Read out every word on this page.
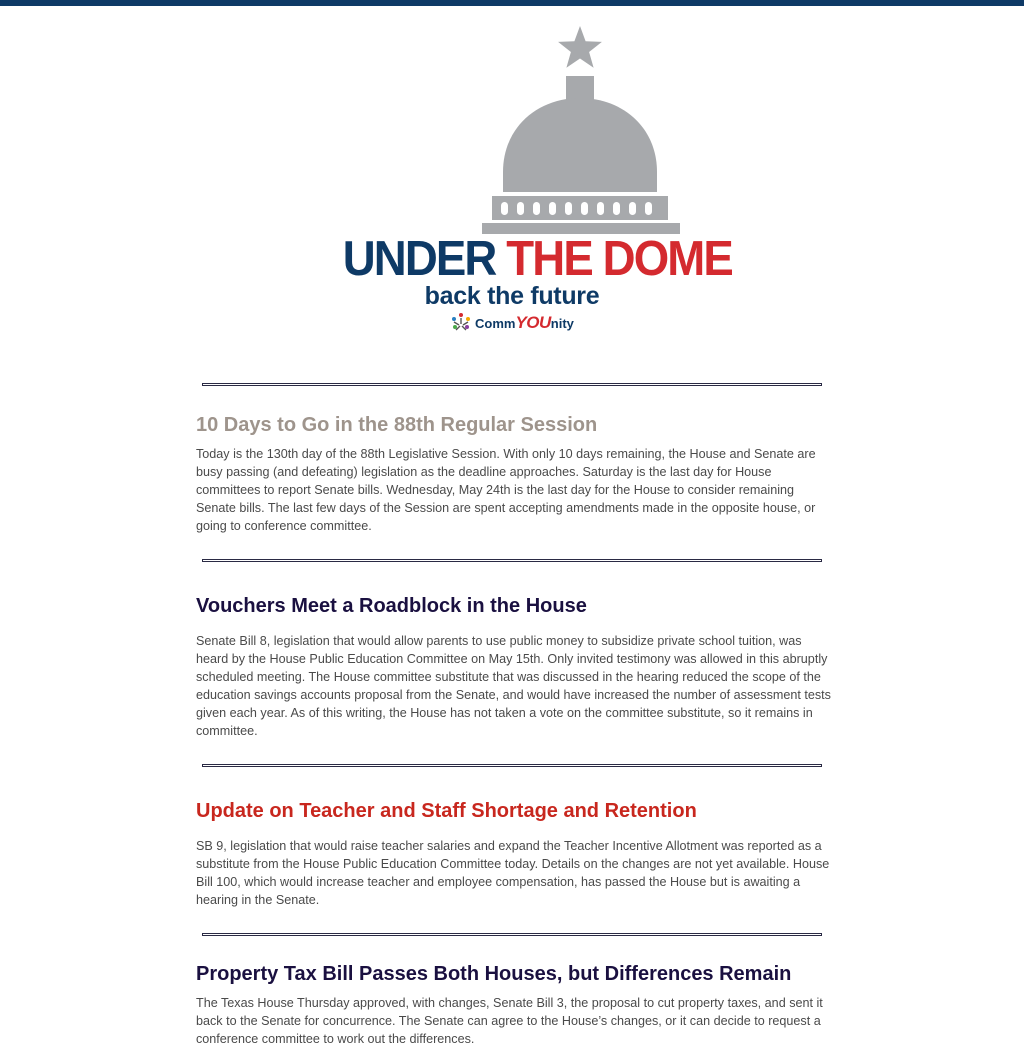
UNDER THE DOME
back the future
Comm YOU nity
10 Days to Go in the 88th Regular Session

Today is the 130th day of the 88th Legislative Session. With only 10 days remaining, the House and Senate are busy passing (and defeating) legislation as the deadline approaches. Saturday is the last day for House committees to report Senate bills. Wednesday, May 24th is the last day for the House to consider remaining Senate bills. The last few days of the Session are spent accepting amendments made in the opposite house, or going to conference committee.

Vouchers Meet a Roadblock in the House

Senate Bill 8, legislation that would allow parents to use public money to subsidize private school tuition, was heard by the House Public Education Committee on May 15th. Only invited testimony was allowed in this abruptly scheduled meeting. The House committee substitute that was discussed in the hearing reduced the scope of the education savings accounts proposal from the Senate, and would have increased the number of assessment tests given each year. As of this writing, the House has not taken a vote on the committee substitute, so it remains in committee.

Update on Teacher and Staff Shortage and Retention

SB 9, legislation that would raise teacher salaries and expand the Teacher Incentive Allotment was reported as a substitute from the House Public Education Committee today. Details on the changes are not yet available. House Bill 100, which would increase teacher and employee compensation, has passed the House but is awaiting a hearing in the Senate.

Property Tax Bill Passes Both Houses, but Differences Remain

The Texas House Thursday approved, with changes, Senate Bill 3, the proposal to cut property taxes, and sent it back to the Senate for concurrence. The Senate can agree to the House’s changes, or it can decide to request a conference committee to work out the differences.
